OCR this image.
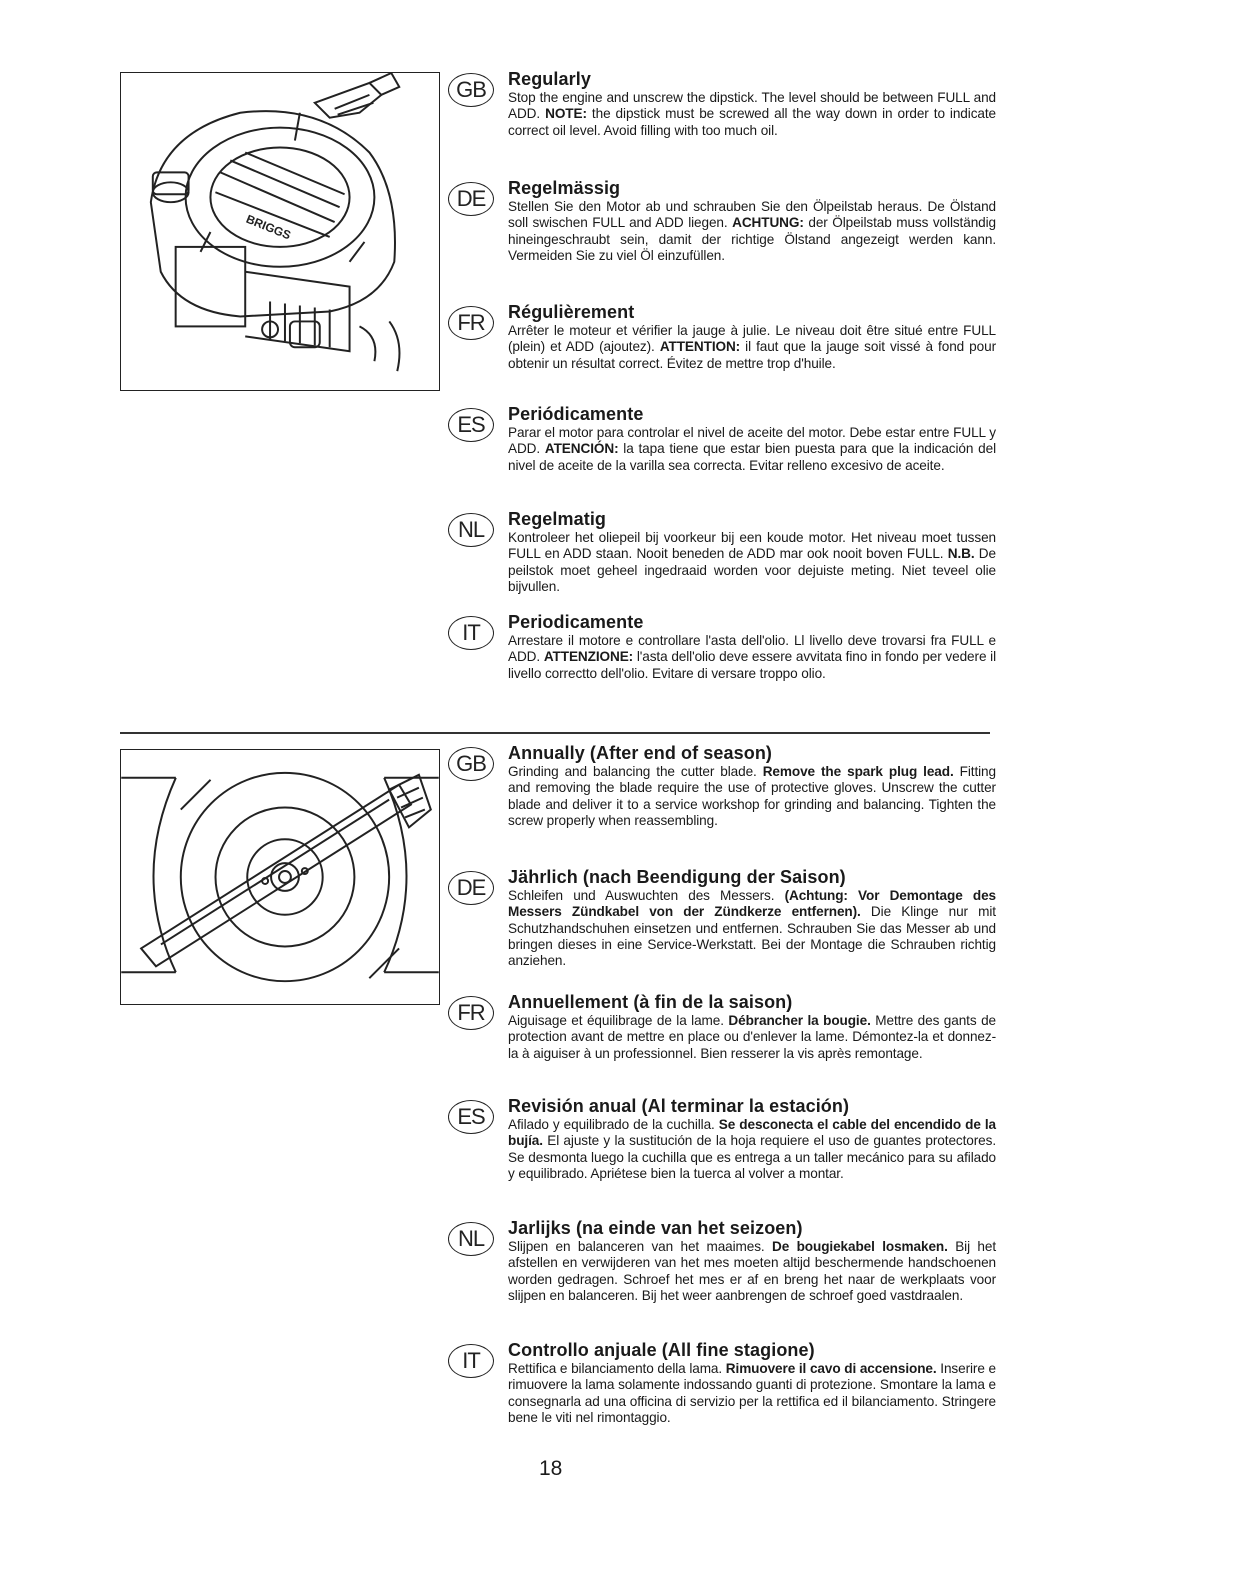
BRIGGS
GB	Regularly
Stop the engine and unscrew the dipstick. The level should be between FULL and ADD. NOTE: the dipstick must be screwed all the way down in order to indicate correct oil level. Avoid filling with too much oil.
DE	Regelmässig
Stellen Sie den Motor ab und schrauben Sie den Ölpeilstab heraus. De Ölstand soll swischen FULL and ADD liegen. ACHTUNG: der Ölpeilstab muss vollständig hineingeschraubt sein, damit der richtige Ölstand angezeigt werden kann. Vermeiden Sie zu viel Öl einzufüllen.
FR	Régulièrement
Arrêter le moteur et vérifier la jauge à julie. Le niveau doit être situé entre FULL (plein) et ADD (ajoutez). ATTENTION: il faut que la jauge soit vissé à fond pour obtenir un résultat correct. Évitez de mettre trop d'huile.
ES	Periódicamente
Parar el motor para controlar el nivel de aceite del motor. Debe estar entre FULL y ADD. ATENCIÓN: la tapa tiene que estar bien puesta para que la indicación del nivel de aceite de la varilla sea correcta. Evitar relleno excesivo de aceite.
NL	Regelmatig
Kontroleer het oliepeil bij voorkeur bij een koude motor. Het niveau moet tussen FULL en ADD staan. Nooit beneden de ADD mar ook nooit boven FULL. N.B. De peilstok moet geheel ingedraaid worden voor dejuiste meting. Niet teveel olie bijvullen.
IT	Periodicamente
Arrestare il motore e controllare l'asta dell'olio. Ll livello deve trovarsi fra FULL e ADD. ATTENZIONE: l'asta dell'olio deve essere avvitata fino in fondo per vedere il livello correctto dell'olio. Evitare di versare troppo olio.
GB	Annually (After end of season)
Grinding and balancing the cutter blade. Remove the spark plug lead. Fitting and removing the blade require the use of protective gloves. Unscrew the cutter blade and deliver it to a service workshop for grinding and balancing. Tighten the screw properly when reassembling.
DE	Jährlich (nach Beendigung der Saison)
Schleifen und Auswuchten des Messers. (Achtung: Vor Demontage des Messers Zündkabel von der Zündkerze entfernen). Die Klinge nur mit Schutzhandschuhen einsetzen und entfernen. Schrauben Sie das Messer ab und bringen dieses in eine Service-Werkstatt. Bei der Montage die Schrauben richtig anziehen.
FR	Annuellement (à fin de la saison)
Aiguisage et équilibrage de la lame. Débrancher la bougie. Mettre des gants de protection avant de mettre en place ou d'enlever la lame. Démontez-la et donnez-la à aiguiser à un professionnel. Bien resserer la vis après remontage.
ES	Revisión anual (Al terminar la estación)
Afilado y equilibrado de la cuchilla. Se desconecta el cable del encendido de la bujía. El ajuste y la sustitución de la hoja requiere el uso de guantes protectores. Se desmonta luego la cuchilla que es entrega a un taller mecánico para su afilado y equilibrado. Apriétese bien la tuerca al volver a montar.
NL	Jarlijks (na einde van het seizoen)
Slijpen en balanceren van het maaimes. De bougiekabel losmaken. Bij het afstellen en verwijderen van het mes moeten altijd beschermende handschoenen worden gedragen. Schroef het mes er af en breng het naar de werkplaats voor slijpen en balanceren. Bij het weer aanbrengen de schroef goed vastdraalen.
IT	Controllo anjuale (All fine stagione)
Rettifica e bilanciamento della lama. Rimuovere il cavo di accensione. Inserire e rimuovere la lama solamente indossando guanti di protezione. Smontare la lama e consegnarla ad una officina di servizio per la rettifica ed il bilanciamento. Stringere bene le viti nel rimontaggio.
18
